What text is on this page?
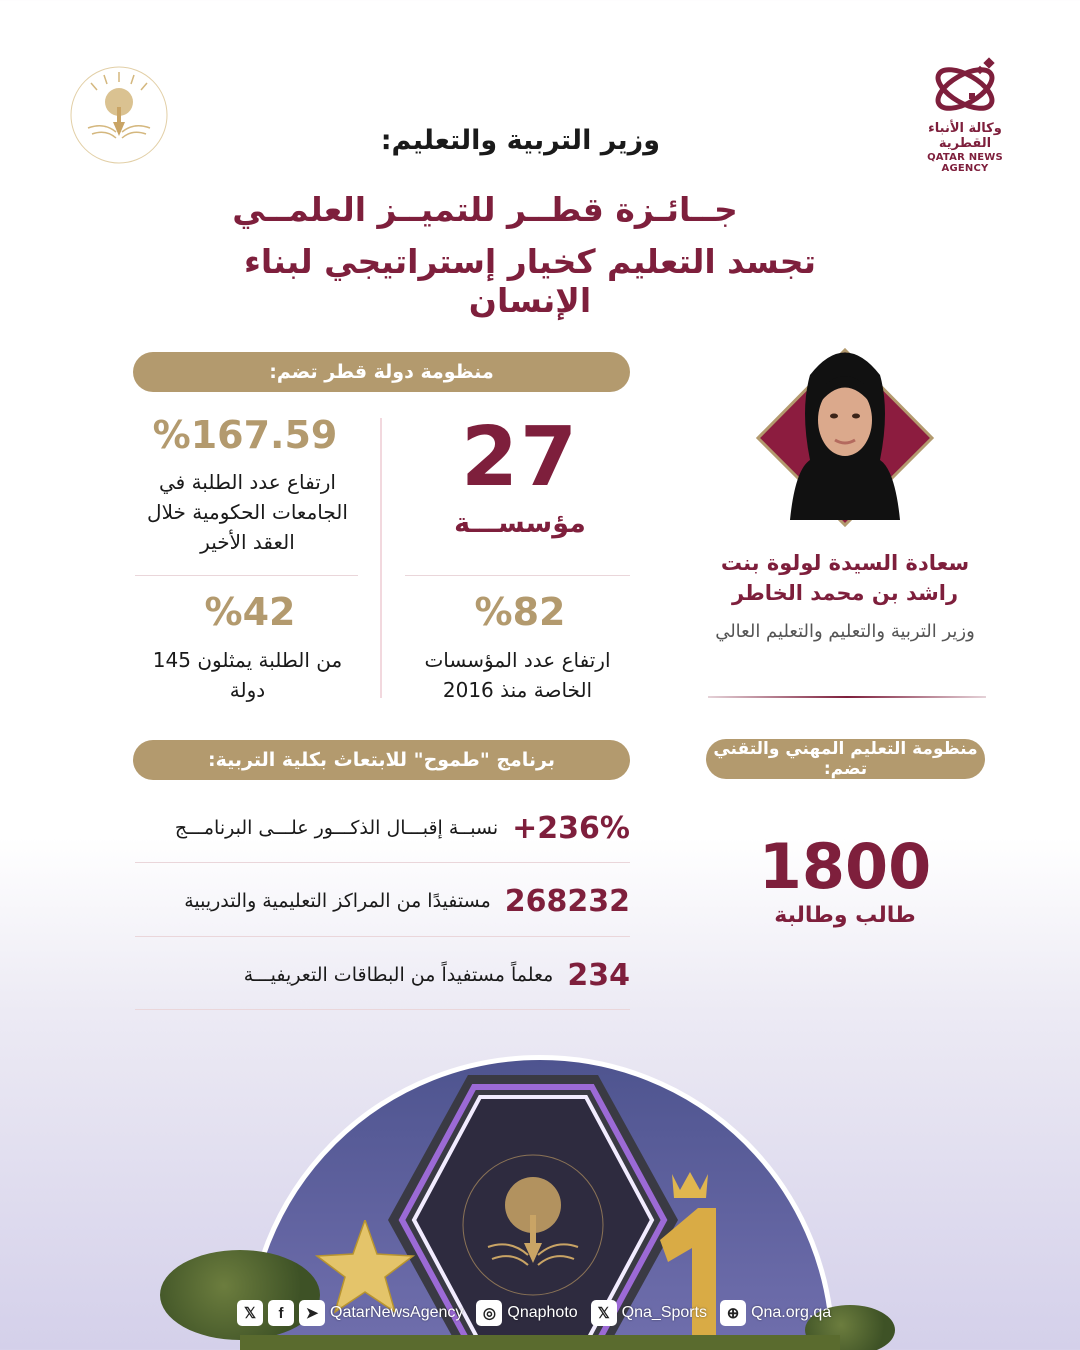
وكالة الأنباء القطرية
QATAR NEWS AGENCY
وزير التربية والتعليم:
جــائـزة قطــر للتميــز العلمــي
تجسد التعليم كخيار إستراتيجي لبناء الإنسان
منظومة دولة قطر تضم:
27
مؤسســـة
%167.59
ارتفاع عدد الطلبة في الجامعات الحكومية خلال العقد الأخير
%82
ارتفاع عدد المؤسسات الخاصة منذ 2016
%42
من الطلبة يمثلون 145 دولة
سعادة السيدة لولوة بنت راشد بن محمد الخاطر
وزير التربية والتعليم والتعليم العالي
برنامج "طموح" للابتعاث بكلية التربية:
+236%
نسبــة إقبـــال الذكـــور علـــى البرنامـــج
268232
مستفيدًا من المراكز التعليمية والتدريبية
234
معلماً مستفيداً من البطاقات التعريفيـــة
منظومة التعليم المهني والتقني تضم:
1800
طالب وطالبة
𝕏	f	➤ QatarNewsAgency	◎ Qnaphoto	𝕏 Qna_Sports	⊕ Qna.org.qa
